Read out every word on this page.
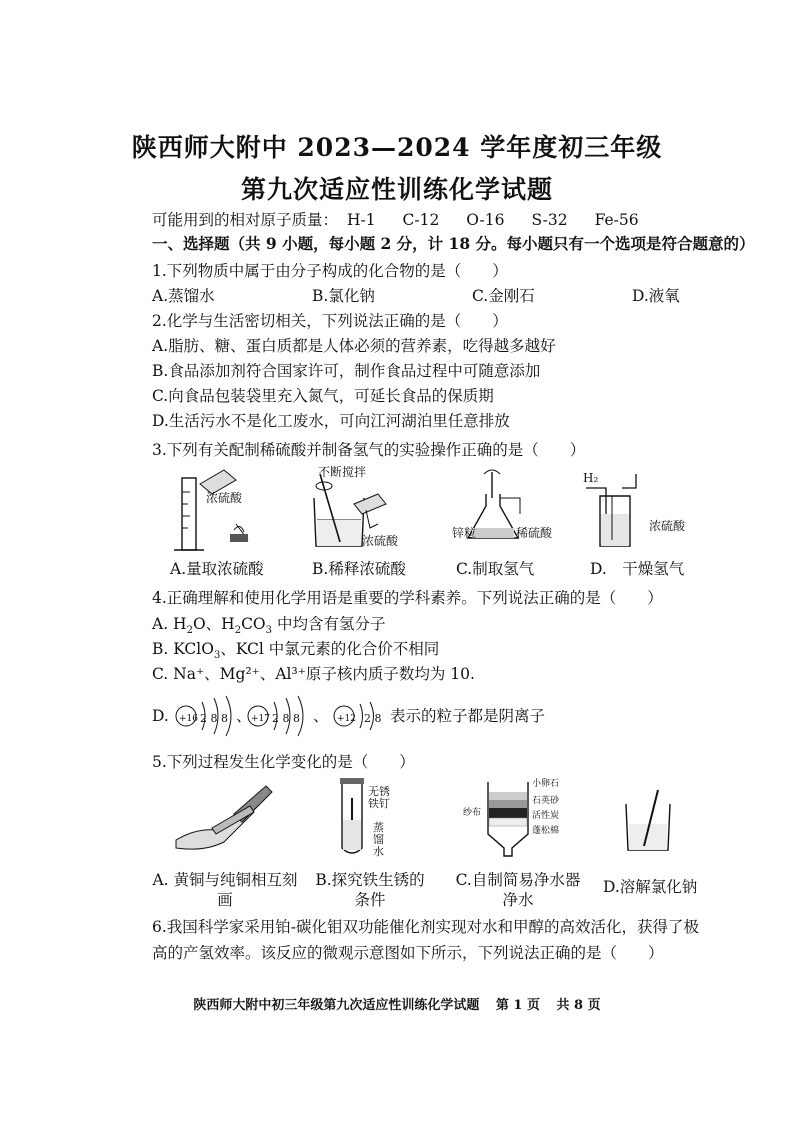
陕西师大附中 2023—2024 学年度初三年级
第九次适应性训练化学试题
可能用到的相对原子质量： H-1 C-12 O-16 S-32 Fe-56
一、选择题（共 9 小题，每小题 2 分，计 18 分。每小题只有一个选项是符合题意的）
1.下列物质中属于由分子构成的化合物的是（　　）
A.蒸馏水	B.氯化钠	C.金刚石	D.液氧
2.化学与生活密切相关，下列说法正确的是（　　）
A.脂肪、糖、蛋白质都是人体必须的营养素，吃得越多越好
B.食品添加剂符合国家许可，制作食品过程中可随意添加
C.向食品包装袋里充入氮气，可延长食品的保质期
D.生活污水不是化工废水，可向江河湖泊里任意排放
3.下列有关配制稀硫酸并制备氢气的实验操作正确的是（　　）
浓硫酸
不断搅拌
浓硫酸
锌粒	稀硫酸
H₂
浓硫酸
A.量取浓硫酸	B.稀释浓硫酸	C.制取氢气	D.　干燥氢气
4.正确理解和使用化学用语是重要的学科素养。下列说法正确的是（　　）
A. $H_2O$、$H_2CO_3$ 中均含有氢分子
B. KClO$_3$、KCl 中氯元素的化合价不相同
C. Na⁺、Mg²⁺、Al³⁺原子核内质子数均为 10.
D. +16 2 8 8 、 +17 2 8 8 、 +12 2 8 表示的粒子都是阴离子
5.下列过程发生化学变化的是（　　）
无锈铁钉
蒸馏水
小卵石
石英砂
活性炭
蓬松棉
纱布
A. 黄铜与纯铜相互刻
画
B.探究铁生锈的
条件
C.自制简易净水器
净水
D.溶解氯化钠
6.我国科学家采用铂-碳化钼双功能催化剂实现对水和甲醇的高效活化，获得了极
高的产氢效率。该反应的微观示意图如下所示，下列说法正确的是（　　）
陕西师大附中初三年级第九次适应性训练化学试题 第 1 页 共 8 页
